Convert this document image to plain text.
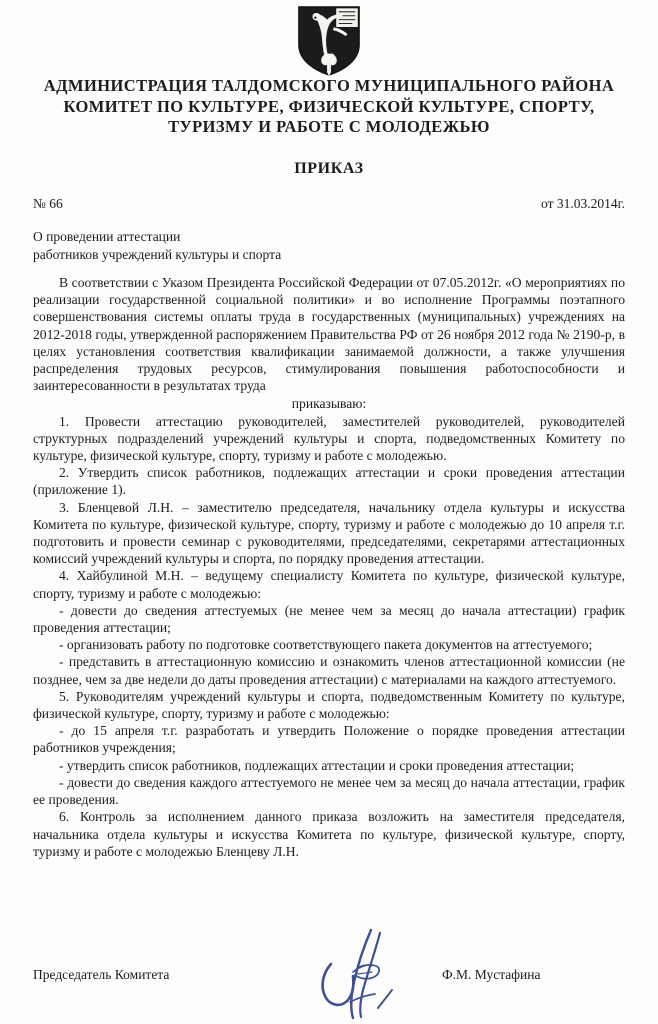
АДМИНИСТРАЦИЯ ТАЛДОМСКОГО МУНИЦИПАЛЬНОГО РАЙОНА
КОМИТЕТ ПО КУЛЬТУРЕ, ФИЗИЧЕСКОЙ КУЛЬТУРЕ, СПОРТУ,
ТУРИЗМУ И РАБОТЕ С МОЛОДЕЖЬЮ
ПРИКАЗ
№ 66	от 31.03.2014г.
О проведении аттестации
работников учреждений культуры и спорта

В соответствии с Указом Президента Российской Федерации от 07.05.2012г. «О мероприятиях по реализации государственной социальной политики» и во исполнение Программы поэтапного совершенствования системы оплаты труда в государственных (муниципальных) учреждениях на 2012-2018 годы, утвержденной распоряжением Правительства РФ от 26 ноября 2012 года № 2190-р, в целях установления соответствия квалификации занимаемой должности, а также улучшения распределения трудовых ресурсов, стимулирования повышения работоспособности и заинтересованности в результатах труда

приказываю:

1. Провести аттестацию руководителей, заместителей руководителей, руководителей структурных подразделений учреждений культуры и спорта, подведомственных Комитету по культуре, физической культуре, спорту, туризму и работе с молодежью.

2. Утвердить список работников, подлежащих аттестации и сроки проведения аттестации (приложение 1).

3. Бленцевой Л.Н. – заместителю председателя, начальнику отдела культуры и искусства Комитета по культуре, физической культуре, спорту, туризму и работе с молодежью до 10 апреля т.г. подготовить и провести семинар с руководителями, председателями, секретарями аттестационных комиссий учреждений культуры и спорта, по порядку проведения аттестации.

4. Хайбулиной М.Н. – ведущему специалисту Комитета по культуре, физической культуре, спорту, туризму и работе с молодежью:

- довести до сведения аттестуемых (не менее чем за месяц до начала аттестации) график проведения аттестации;

- организовать работу по подготовке соответствующего пакета документов на аттестуемого;

- представить в аттестационную комиссию и ознакомить членов аттестационной комиссии (не позднее, чем за две недели до даты проведения аттестации) с материалами на каждого аттестуемого.

5. Руководителям учреждений культуры и спорта, подведомственным Комитету по культуре, физической культуре, спорту, туризму и работе с молодежью:

- до 15 апреля т.г. разработать и утвердить Положение о порядке проведения аттестации работников учреждения;

- утвердить список работников, подлежащих аттестации и сроки проведения аттестации;

- довести до сведения каждого аттестуемого не менее чем за месяц до начала аттестации, график ее проведения.

6. Контроль за исполнением данного приказа возложить на заместителя председателя, начальника отдела культуры и искусства Комитета по культуре, физической культуре, спорту, туризму и работе с молодежью Бленцеву Л.Н.

Председатель Комитета	Ф.М. Мустафина
